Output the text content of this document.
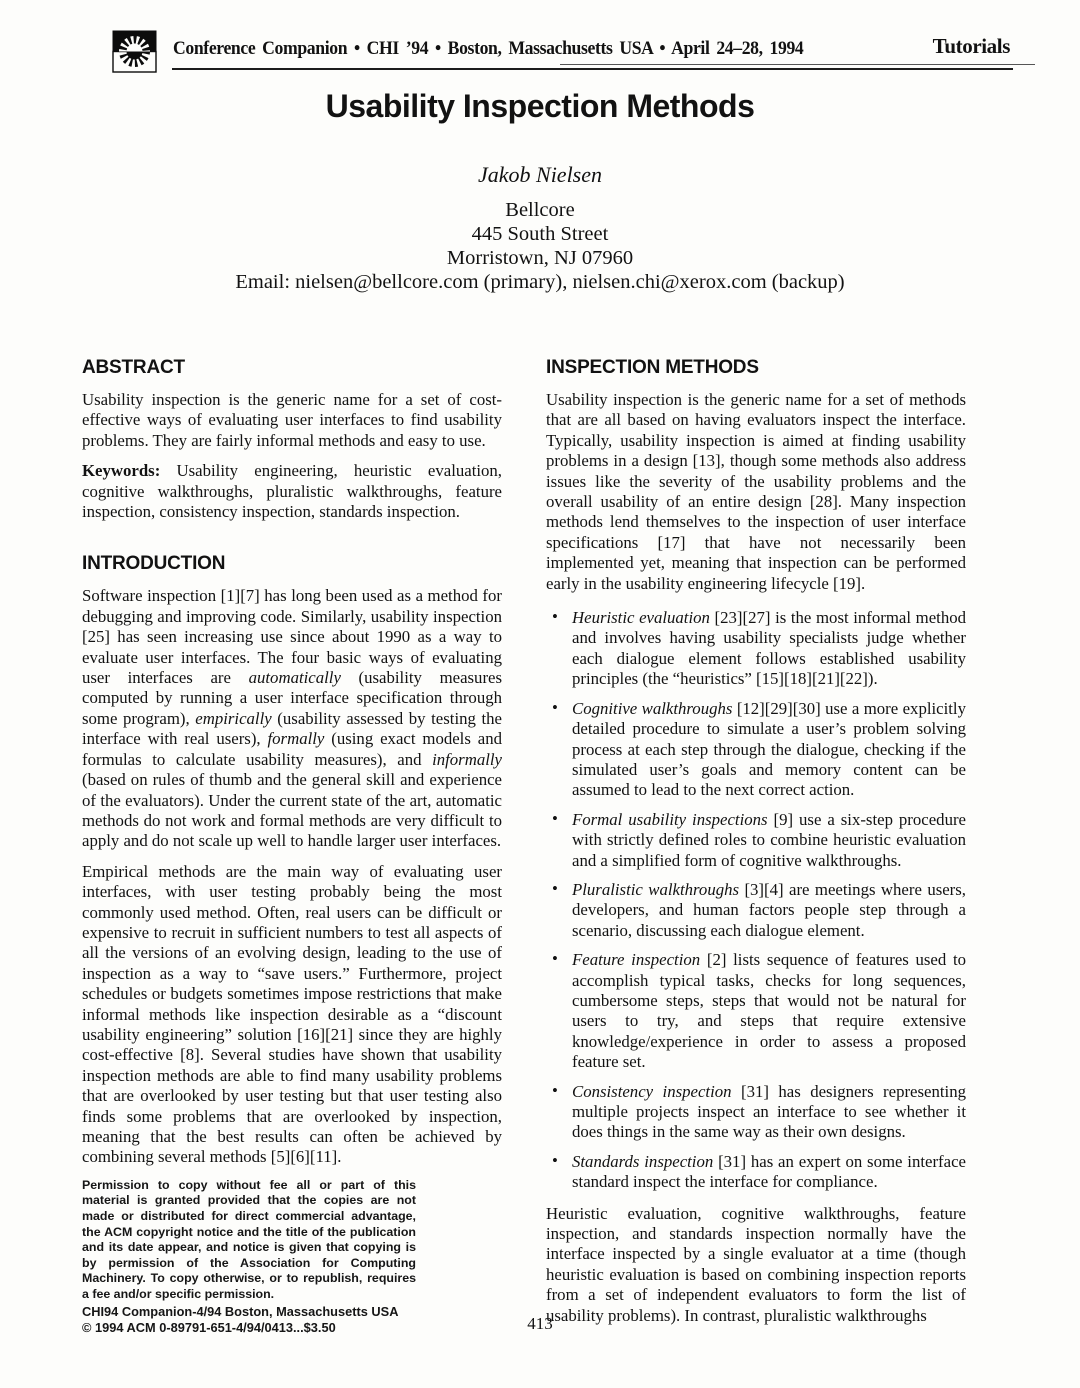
Conference Companion • CHI ’94 • Boston, Massachusetts USA • April 24–28, 1994	Tutorials
Usability Inspection Methods
Jakob Nielsen
Bellcore
445 South Street
Morristown, NJ 07960
Email: nielsen@bellcore.com (primary), nielsen.chi@xerox.com (backup)
ABSTRACT

Usability inspection is the generic name for a set of cost-effective ways of evaluating user interfaces to find usability problems. They are fairly informal methods and easy to use.

Keywords: Usability engineering, heuristic evaluation, cognitive walkthroughs, pluralistic walkthroughs, feature inspection, consistency inspection, standards inspection.

INTRODUCTION

Software inspection [1][7] has long been used as a method for debugging and improving code. Similarly, usability inspection [25] has seen increasing use since about 1990 as a way to evaluate user interfaces. The four basic ways of evaluating user interfaces are automatically (usability measures computed by running a user interface specification through some program), empirically (usability assessed by testing the interface with real users), formally (using exact models and formulas to calculate usability measures), and informally (based on rules of thumb and the general skill and experience of the evaluators). Under the current state of the art, automatic methods do not work and formal methods are very difficult to apply and do not scale up well to handle larger user interfaces.

Empirical methods are the main way of evaluating user interfaces, with user testing probably being the most commonly used method. Often, real users can be difficult or expensive to recruit in sufficient numbers to test all aspects of all the versions of an evolving design, leading to the use of inspection as a way to “save users.” Furthermore, project schedules or budgets sometimes impose restrictions that make informal methods like inspection desirable as a “discount usability engineering” solution [16][21] since they are highly cost-effective [8]. Several studies have shown that usability inspection methods are able to find many usability problems that are overlooked by user testing but that user testing also finds some problems that are overlooked by inspection, meaning that the best results can often be achieved by combining several methods [5][6][11].

Permission to copy without fee all or part of this material is granted provided that the copies are not made or distributed for direct commercial advantage, the ACM copyright notice and the title of the publication and its date appear, and notice is given that copying is by permission of the Association for Computing Machinery. To copy otherwise, or to republish, requires a fee and/or specific permission.

CHI94 Companion-4/94 Boston, Massachusetts USA
© 1994 ACM 0-89791-651-4/94/0413...$3.50
INSPECTION METHODS

Usability inspection is the generic name for a set of methods that are all based on having evaluators inspect the interface. Typically, usability inspection is aimed at finding usability problems in a design [13], though some methods also address issues like the severity of the usability problems and the overall usability of an entire design [28]. Many inspection methods lend themselves to the inspection of user interface specifications [17] that have not necessarily been implemented yet, meaning that inspection can be performed early in the usability engineering lifecycle [19].

• Heuristic evaluation [23][27] is the most informal method and involves having usability specialists judge whether each dialogue element follows established usability principles (the “heuristics” [15][18][21][22]).
• Cognitive walkthroughs [12][29][30] use a more explicitly detailed procedure to simulate a user’s problem solving process at each step through the dialogue, checking if the simulated user’s goals and memory content can be assumed to lead to the next correct action.
• Formal usability inspections [9] use a six-step procedure with strictly defined roles to combine heuristic evaluation and a simplified form of cognitive walkthroughs.
• Pluralistic walkthroughs [3][4] are meetings where users, developers, and human factors people step through a scenario, discussing each dialogue element.
• Feature inspection [2] lists sequence of features used to accomplish typical tasks, checks for long sequences, cumbersome steps, steps that would not be natural for users to try, and steps that require extensive knowledge/experience in order to assess a proposed feature set.
• Consistency inspection [31] has designers representing multiple projects inspect an interface to see whether it does things in the same way as their own designs.
• Standards inspection [31] has an expert on some interface standard inspect the interface for compliance.

Heuristic evaluation, cognitive walkthroughs, feature inspection, and standards inspection normally have the interface inspected by a single evaluator at a time (though heuristic evaluation is based on combining inspection reports from a set of independent evaluators to form the list of usability problems). In contrast, pluralistic walkthroughs

413
